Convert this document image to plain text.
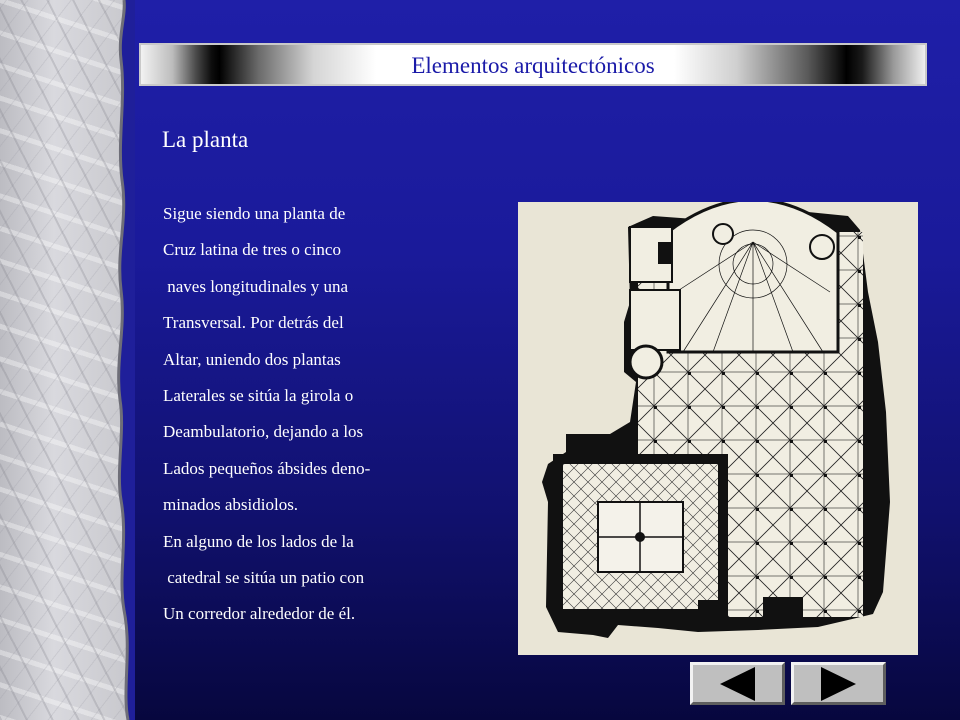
Elementos arquitectónicos
La planta
Sigue siendo una planta de
Cruz latina de tres o cinco
naves longitudinales y una
Transversal. Por detrás del
Altar, uniendo dos plantas
Laterales se sitúa la girola o
Deambulatorio, dejando a los
Lados pequeños ábsides deno-
minados absidiolos.
En alguno de los lados de la
catedral se sitúa un patio con
Un corredor alrededor de él.
